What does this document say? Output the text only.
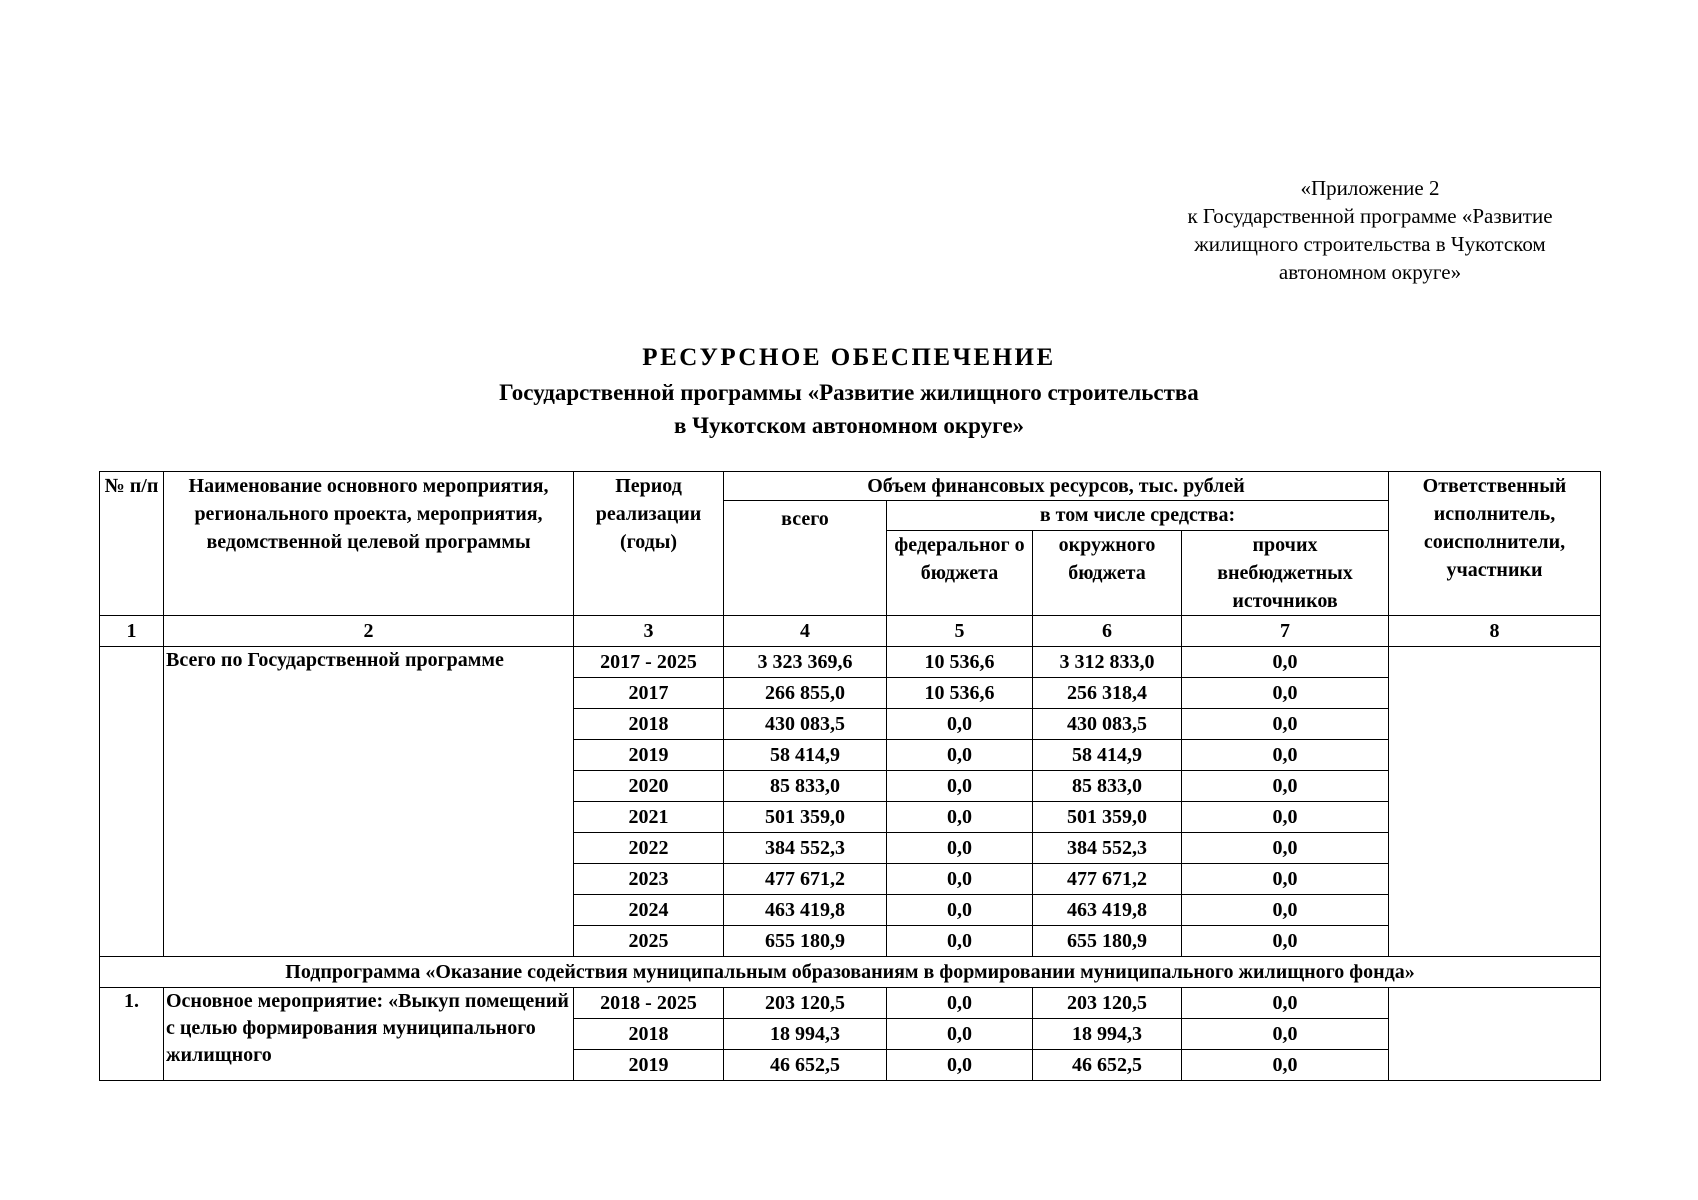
«Приложение 2
к Государственной программе «Развитие
жилищного строительства в Чукотском
автономном округе»
РЕСУРСНОЕ ОБЕСПЕЧЕНИЕ
Государственной программы «Развитие жилищного строительства
в Чукотском автономном округе»
№ п/п	Наименование основного мероприятия, регионального проекта, мероприятия, ведомственной целевой программы	Период реализации (годы)	Объем финансовых ресурсов, тыс. рублей				Ответственный исполнитель, соисполнители, участники
			всего	в том числе средства:			

				федеральног о бюджета	окружного бюджета	прочих внебюджетных источников	
1	2	3	4	5	6	7	8
	Всего по Государственной программе	2017 - 2025	3 323 369,6	10 536,6	3 312 833,0	0,0	
		2017	266 855,0	10 536,6	256 318,4	0,0	
		2018	430 083,5	0,0	430 083,5	0,0	
		2019	58 414,9	0,0	58 414,9	0,0	
		2020	85 833,0	0,0	85 833,0	0,0	
		2021	501 359,0	0,0	501 359,0	0,0	
		2022	384 552,3	0,0	384 552,3	0,0	
		2023	477 671,2	0,0	477 671,2	0,0	
		2024	463 419,8	0,0	463 419,8	0,0	
		2025	655 180,9	0,0	655 180,9	0,0	
Подпрограмма «Оказание содействия муниципальным образованиям в формировании муниципального жилищного фонда»							
1.	Основное мероприятие: «Выкуп помещений с целью формирования муниципального жилищного	2018 - 2025	203 120,5	0,0	203 120,5	0,0	
		2018	18 994,3	0,0	18 994,3	0,0	
		2019	46 652,5	0,0	46 652,5	0,0	
